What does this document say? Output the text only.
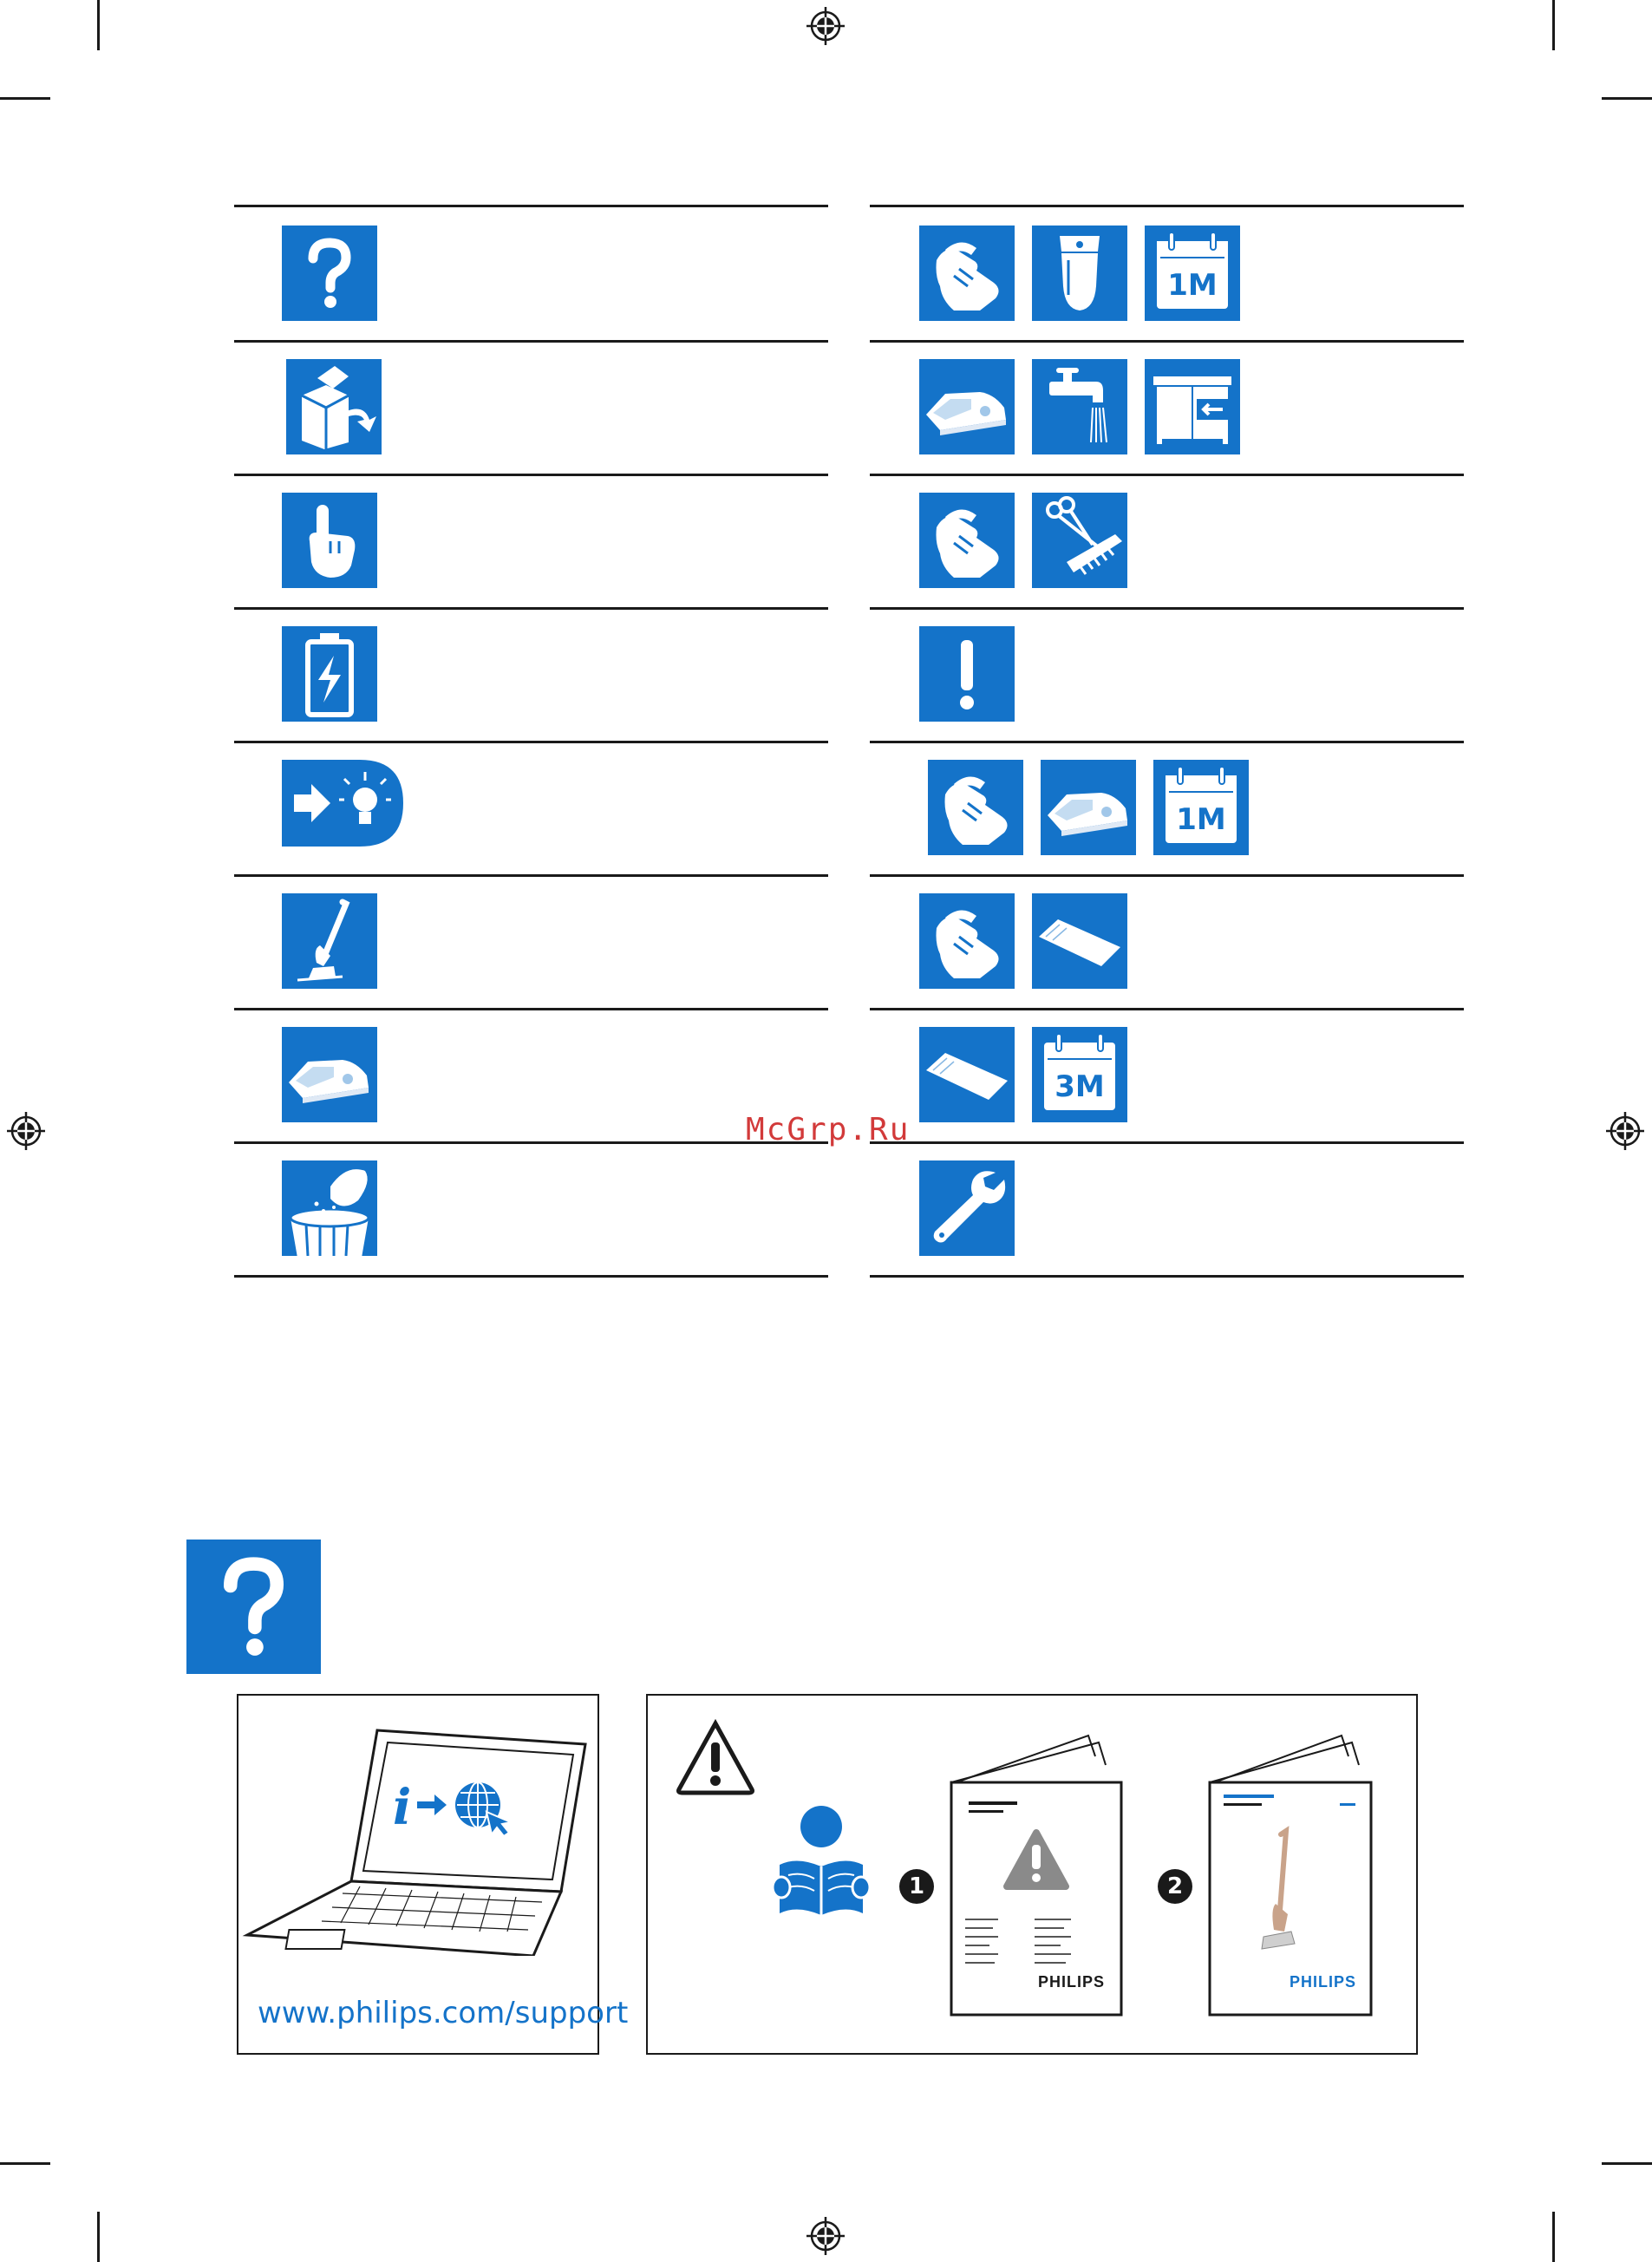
McGrp.Ru
i
www.philips.com/support
1
PHILIPS
2
PHILIPS
